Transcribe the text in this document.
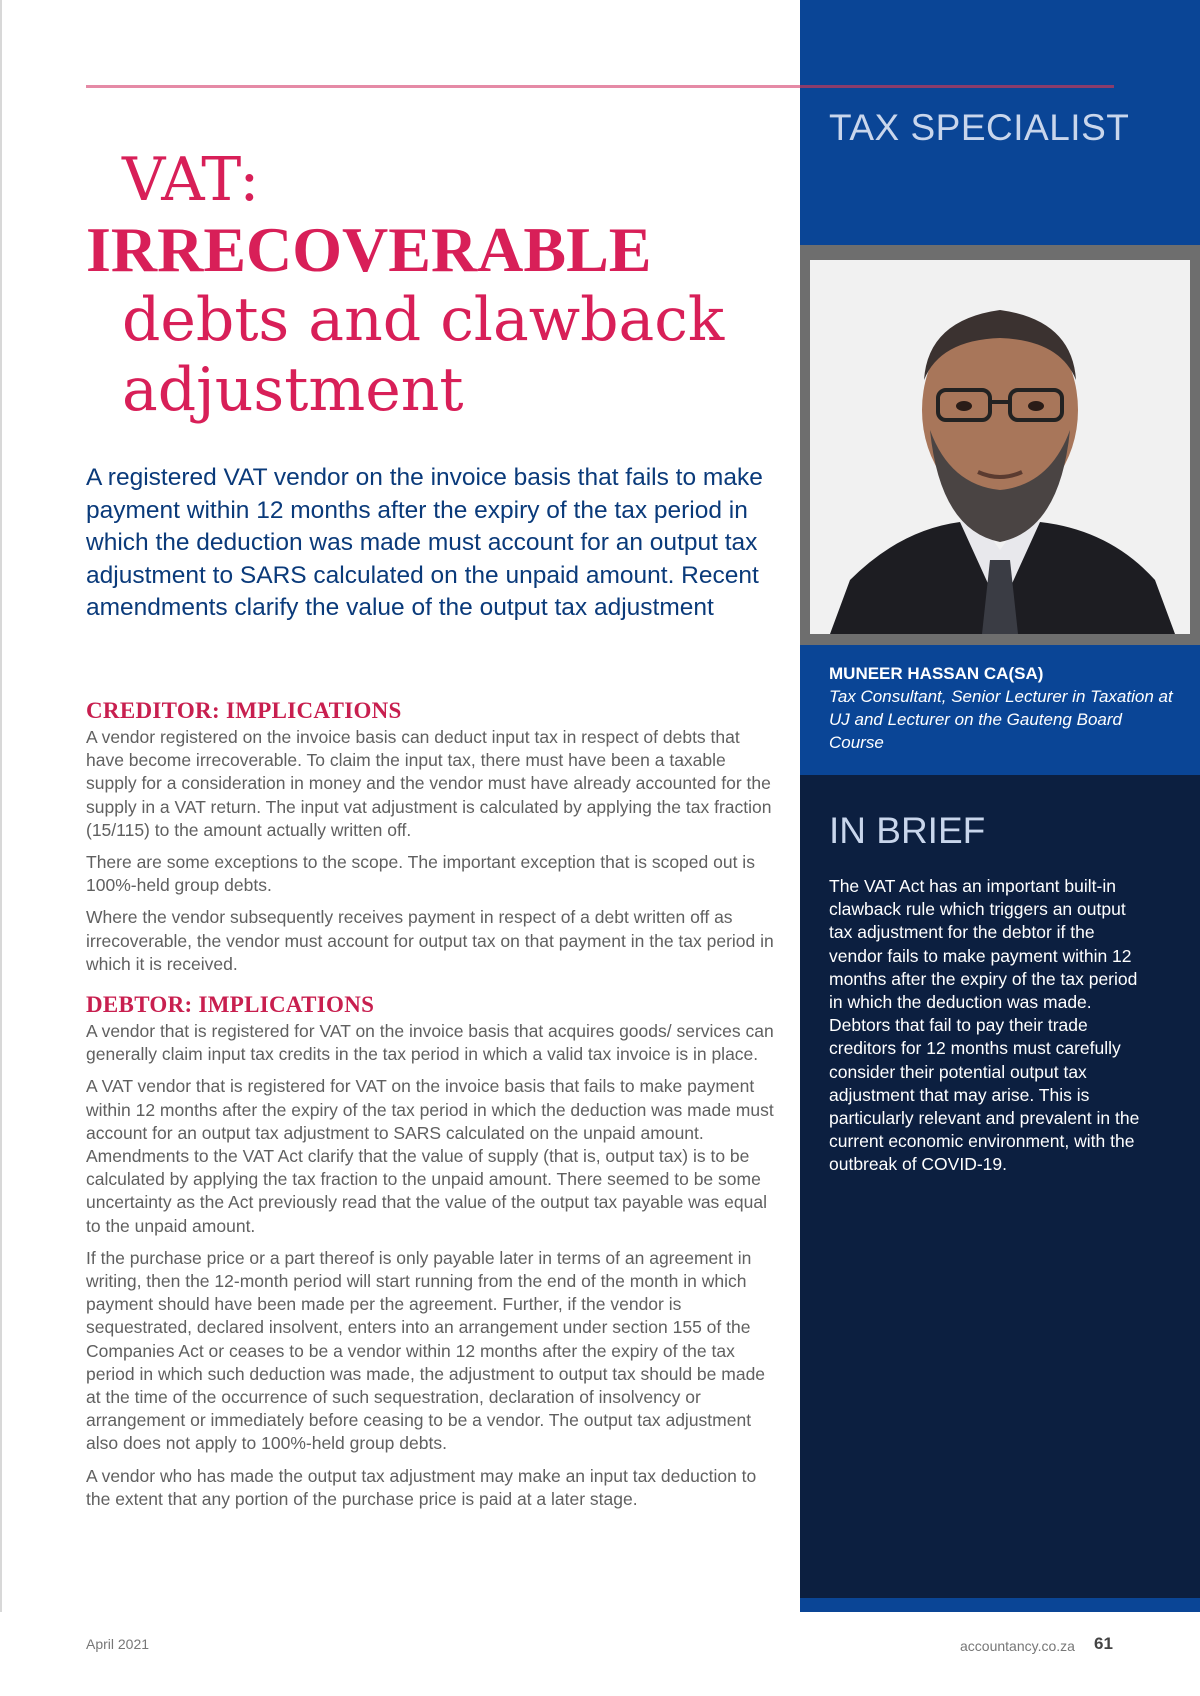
TAX SPECIALIST
MUNEER HASSAN CA(SA)
Tax Consultant, Senior Lecturer in Taxation at UJ and Lecturer on the Gauteng Board Course
IN BRIEF
The VAT Act has an important built-in clawback rule which triggers an output tax adjustment for the debtor if the vendor fails to make payment within 12 months after the expiry of the tax period in which the deduction was made. Debtors that fail to pay their trade creditors for 12 months must carefully consider their potential output tax adjustment that may arise. This is particularly relevant and prevalent in the current economic environment, with the outbreak of COVID-19.
VAT:
IRRECOVERABLE
debts and clawback
adjustment
A registered VAT vendor on the invoice basis that fails to make payment within 12 months after the expiry of the tax period in which the deduction was made must account for an output tax adjustment to SARS calculated on the unpaid amount. Recent amendments clarify the value of the output tax adjustment
CREDITOR: IMPLICATIONS

A vendor registered on the invoice basis can deduct input tax in respect of debts that have become irrecoverable. To claim the input tax, there must have been a taxable supply for a consideration in money and the vendor must have already accounted for the supply in a VAT return. The input vat adjustment is calculated by applying the tax fraction (15/115) to the amount actually written off.

There are some exceptions to the scope. The important exception that is scoped out is 100%-held group debts.

Where the vendor subsequently receives payment in respect of a debt written off as irrecoverable, the vendor must account for output tax on that payment in the tax period in which it is received.

DEBTOR: IMPLICATIONS

A vendor that is registered for VAT on the invoice basis that acquires goods/ services can generally claim input tax credits in the tax period in which a valid tax invoice is in place.

A VAT vendor that is registered for VAT on the invoice basis that fails to make payment within 12 months after the expiry of the tax period in which the deduction was made must account for an output tax adjustment to SARS calculated on the unpaid amount. Amendments to the VAT Act clarify that the value of supply (that is, output tax) is to be calculated by applying the tax fraction to the unpaid amount. There seemed to be some uncertainty as the Act previously read that the value of the output tax payable was equal to the unpaid amount.

If the purchase price or a part thereof is only payable later in terms of an agreement in writing, then the 12-month period will start running from the end of the month in which payment should have been made per the agreement. Further, if the vendor is sequestrated, declared insolvent, enters into an arrangement under section 155 of the Companies Act or ceases to be a vendor within 12 months after the expiry of the tax period in which such deduction was made, the adjustment to output tax should be made at the time of the occurrence of such sequestration, declaration of insolvency or arrangement or immediately before ceasing to be a vendor. The output tax adjustment also does not apply to 100%-held group debts.

A vendor who has made the output tax adjustment may make an input tax deduction to the extent that any portion of the purchase price is paid at a later stage.

April 2021	accountancy.co.za 61
